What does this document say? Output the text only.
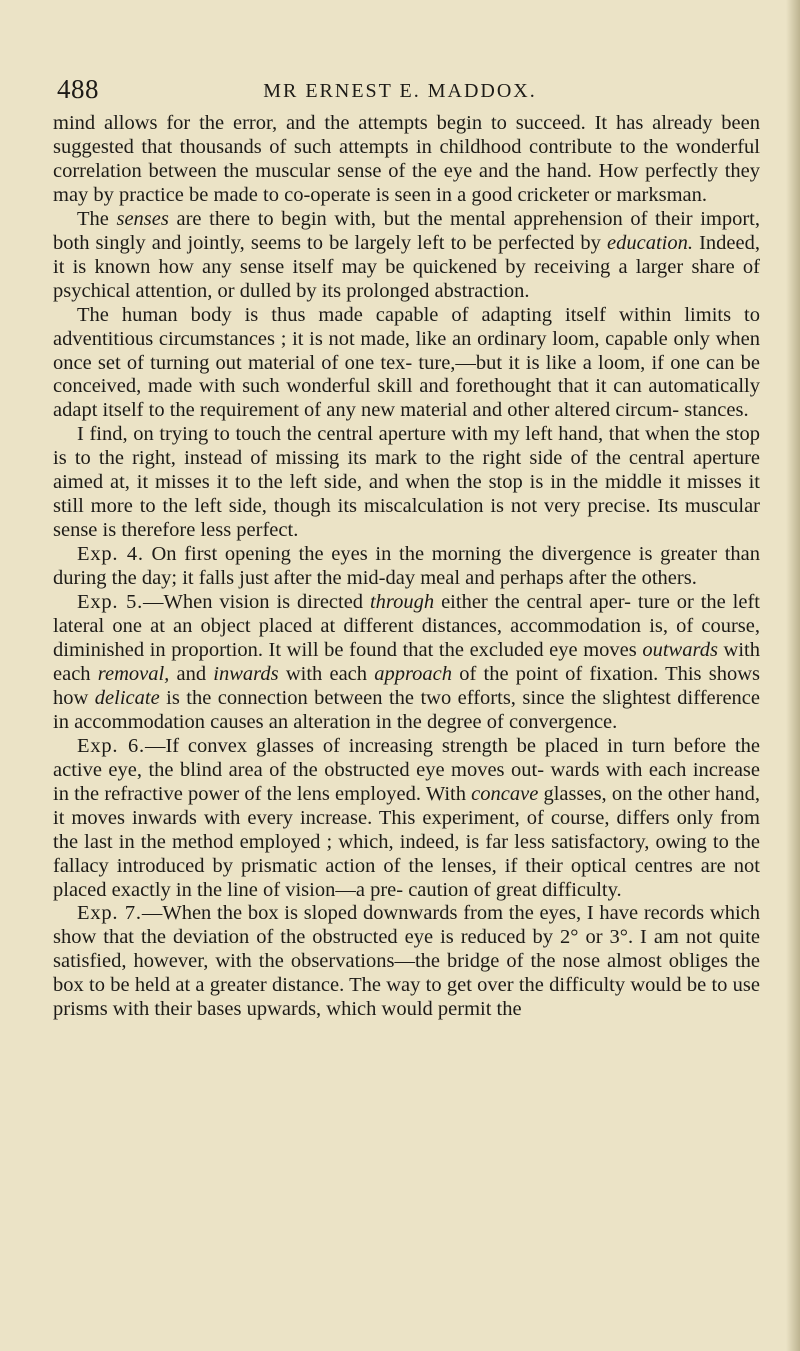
488	MR ERNEST E. MADDOX.

mind allows for the error, and the attempts begin to succeed. It has already been suggested that thousands of such attempts in childhood contribute to the wonderful correlation between the muscular sense of the eye and the hand. How perfectly they may by practice be made to co-operate is seen in a good cricketer or marksman.

The senses are there to begin with, but the mental apprehension of their import, both singly and jointly, seems to be largely left to be perfected by education. Indeed, it is known how any sense itself may be quickened by receiving a larger share of psychical attention, or dulled by its prolonged abstraction.

The human body is thus made capable of adapting itself within limits to adventitious circumstances ; it is not made, like an ordinary loom, capable only when once set of turning out material of one tex- ture,—but it is like a loom, if one can be conceived, made with such wonderful skill and forethought that it can automatically adapt itself to the requirement of any new material and other altered circum- stances.

I find, on trying to touch the central aperture with my left hand, that when the stop is to the right, instead of missing its mark to the right side of the central aperture aimed at, it misses it to the left side, and when the stop is in the middle it misses it still more to the left side, though its miscalculation is not very precise. Its muscular sense is therefore less perfect.

Exp. 4. On first opening the eyes in the morning the divergence is greater than during the day; it falls just after the mid-day meal and perhaps after the others.

Exp. 5.—When vision is directed through either the central aper- ture or the left lateral one at an object placed at different distances, accommodation is, of course, diminished in proportion. It will be found that the excluded eye moves outwards with each removal, and inwards with each approach of the point of fixation. This shows how delicate is the connection between the two efforts, since the slightest difference in accommodation causes an alteration in the degree of convergence.

Exp. 6.—If convex glasses of increasing strength be placed in turn before the active eye, the blind area of the obstructed eye moves out- wards with each increase in the refractive power of the lens employed. With concave glasses, on the other hand, it moves inwards with every increase. This experiment, of course, differs only from the last in the method employed ; which, indeed, is far less satisfactory, owing to the fallacy introduced by prismatic action of the lenses, if their optical centres are not placed exactly in the line of vision—a pre- caution of great difficulty.

Exp. 7.—When the box is sloped downwards from the eyes, I have records which show that the deviation of the obstructed eye is reduced by 2° or 3°. I am not quite satisfied, however, with the observations—the bridge of the nose almost obliges the box to be held at a greater distance. The way to get over the difficulty would be to use prisms with their bases upwards, which would permit the
